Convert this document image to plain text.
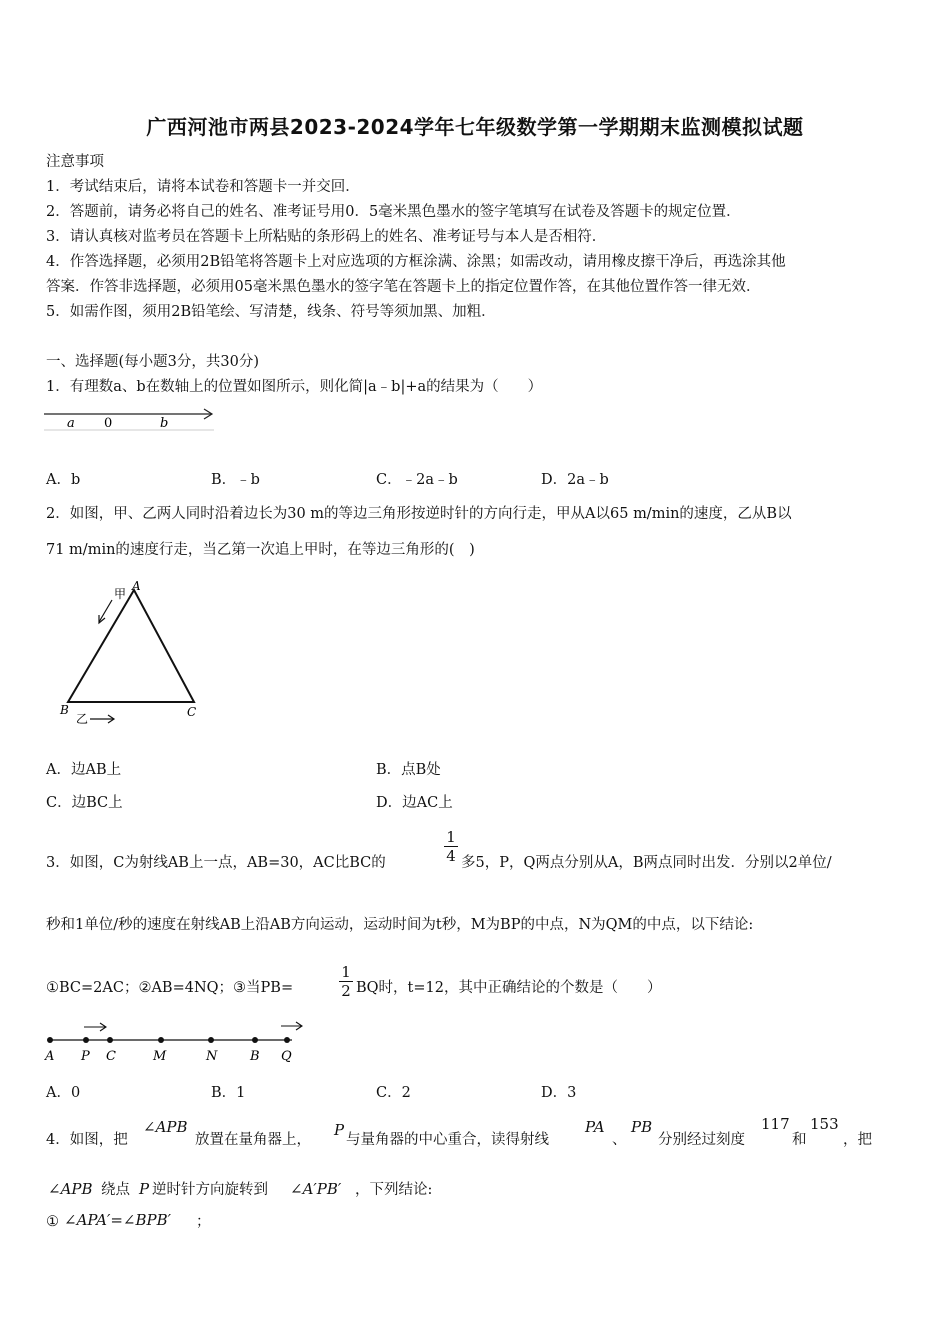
广西河池市两县2023-2024学年七年级数学第一学期期末监测模拟试题
注意事项
1．考试结束后，请将本试卷和答题卡一并交回．
2．答题前，请务必将自己的姓名、准考证号用0．5毫米黑色墨水的签字笔填写在试卷及答题卡的规定位置．
3．请认真核对监考员在答题卡上所粘贴的条形码上的姓名、准考证号与本人是否相符．
4．作答选择题，必须用2B铅笔将答题卡上对应选项的方框涂满、涂黑；如需改动，请用橡皮擦干净后，再选涂其他
答案．作答非选择题，必须用05毫米黑色墨水的签字笔在答题卡上的指定位置作答，在其他位置作答一律无效．
5．如需作图，须用2B铅笔绘、写清楚，线条、符号等须加黑、加粗．
一、选择题(每小题3分，共30分)
1．有理数a、b在数轴上的位置如图所示，则化简|a﹣b|+a的结果为（　　）
a 0	b
A．b	B．﹣b	C．﹣2a﹣b	D．2a﹣b
2．如图，甲、乙两人同时沿着边长为30 m的等边三角形按逆时针的方向行走，甲从A以65 m/min的速度，乙从B以
71 m/min的速度行走，当乙第一次追上甲时，在等边三角形的(　)
甲
A
B	C
乙
A．边AB上	B．点B处
C．边BC上	D．边AC上
3．如图，C为射线AB上一点，AB=30，AC比BC的
1
4 多5，P，Q两点分别从A，B两点同时出发．分别以2单位/
秒和1单位/秒的速度在射线AB上沿AB方向运动，运动时间为t秒，M为BP的中点，N为QM的中点，以下结论:
①BC=2AC；②AB=4NQ；③当PB=
1
2 BQ时，t=12，其中正确结论的个数是（　　）
A P C	M	N	B Q
A．0	B．1	C．2	D．3
4．如图，把
∠APB
放置在量角器上，
P
与量角器的中心重合，读得射线
PA
、
PB
分别经过刻度
117
和
153
，把
∠APB 绕点 P 逆时针方向旋转到 ∠A′PB′ ，下列结论:
① ∠APA′=∠BPB′ ；
